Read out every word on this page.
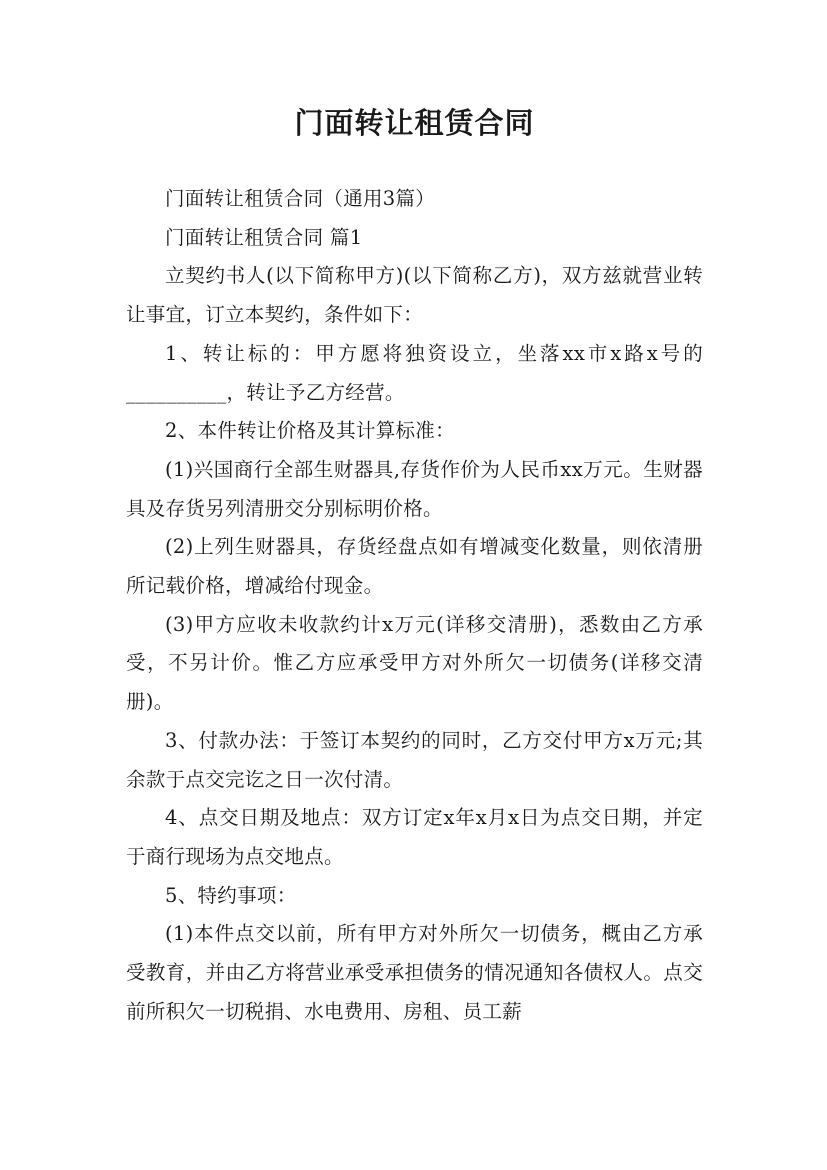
门面转让租赁合同

门面转让租赁合同（通用3篇）

门面转让租赁合同 篇1

立契约书人(以下简称甲方)(以下简称乙方)，双方兹就营业转让事宜，订立本契约，条件如下：

1、转让标的：甲方愿将独资设立，坐落xx市x路x号的__________，转让予乙方经营。

2、本件转让价格及其计算标准：

(1)兴国商行全部生财器具,存货作价为人民币xx万元。生财器具及存货另列清册交分别标明价格。

(2)上列生财器具，存货经盘点如有增减变化数量，则依清册所记载价格，增减给付现金。

(3)甲方应收未收款约计x万元(详移交清册)，悉数由乙方承受，不另计价。惟乙方应承受甲方对外所欠一切债务(详移交清册)。

3、付款办法：于签订本契约的同时，乙方交付甲方x万元;其余款于点交完讫之日一次付清。

4、点交日期及地点：双方订定x年x月x日为点交日期，并定于商行现场为点交地点。

5、特约事项：

(1)本件点交以前，所有甲方对外所欠一切债务，概由乙方承受教育，并由乙方将营业承受承担债务的情况通知各债权人。点交前所积欠一切税捐、水电费用、房租、员工薪
